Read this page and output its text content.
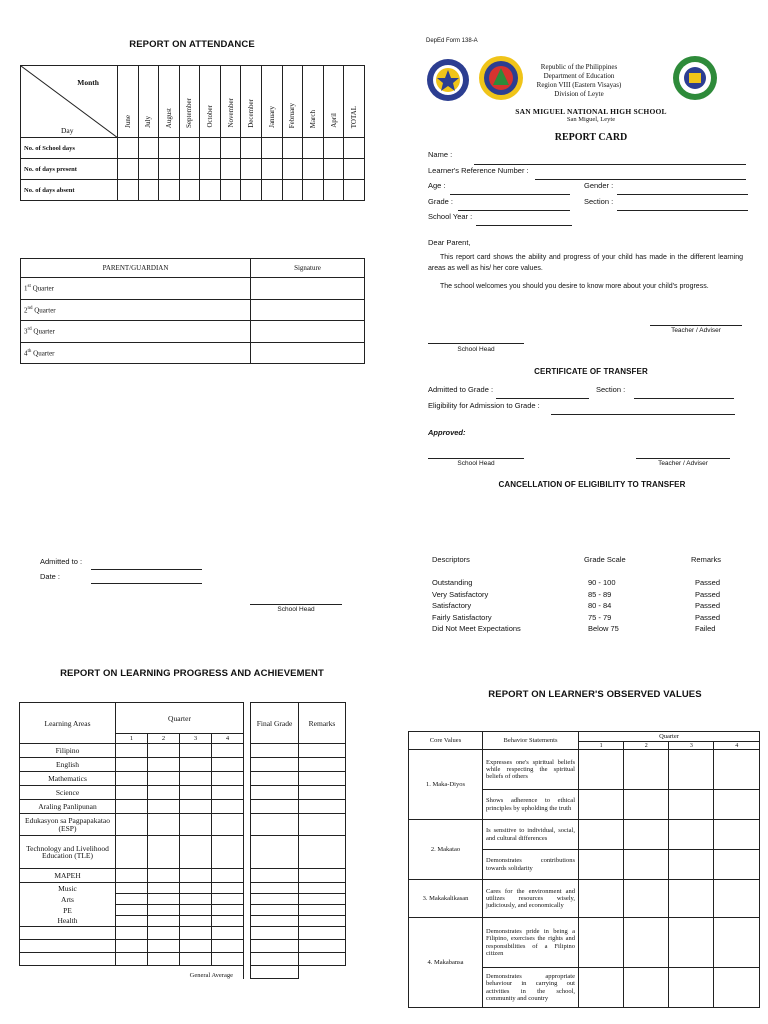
REPORT ON ATTENDANCE
Month
Day	June	July	August	September	October	November	December	January	February	March	April	TOTAL
No. of School days												
No. of days present												
No. of days absent												
PARENT/GUARDIAN	Signature
1st Quarter	
2nd Quarter	
3rd Quarter	
4th Quarter	
Admitted to :
Date :
School Head
REPORT ON LEARNING PROGRESS AND ACHIEVEMENT
Learning Areas	Quarter					Final Grade	Remarks
	1	2	3	4			
Filipino							
English							
Mathematics							
Science							
Araling Panlipunan							
Edukasyon sa Pagpapakatao (ESP)							
Technology and Livelihood Education (TLE)							
MAPEH							
Music							
Arts							
PE							
Health							

General Average							
DepEd Form 138-A
Republic of the Philippines
Department of Education
Region VIII (Eastern Visayas)
Division of Leyte
SAN MIGUEL NATIONAL HIGH SCHOOL
San Miguel, Leyte
REPORT CARD
Name :
Learner's Reference Number :
Age :	Gender :
Grade :	Section :
School Year :
Dear Parent,
This report card shows the ability and progress of your child has made in the different learning areas as well as his/ her core values.
The school welcomes you should you desire to know more about your child's progress.
Teacher / Adviser
School Head
CERTIFICATE OF TRANSFER
Admitted to Grade :	Section :
Eligibility for Admission to Grade :
Approved:
School Head	Teacher / Adviser
CANCELLATION OF ELIGIBILITY TO TRANSFER
Descriptors	Grade Scale	Remarks
Outstanding	90 - 100	Passed
Very Satisfactory	85 - 89	Passed
Satisfactory	80 - 84	Passed
Fairly Satisfactory	75 - 79	Passed
Did Not Meet Expectations	Below 75	Failed
REPORT ON LEARNER'S OBSERVED VALUES
Core Values	Behavior Statements	Quarter			
		1	2	3	4
1. Maka-Diyos	Expresses one's spiritual beliefs while respecting the spiritual beliefs of others				
	Shows adherence to ethical principles by upholding the truth				
2. Makatao	Is sensitive to individual, social, and cultural differences				
	Demonstrates contributions towards solidarity				
3. Makakalikasan	Cares for the environment and utilizes resources wisely, judiciously, and economically				
4. Makabansa	Demonstrates pride in being a Filipino, exercises the rights and responsibilities of a Filipino citizen				
	Demonstrates appropriate behaviour in carrying out activities in the school, community and country				
